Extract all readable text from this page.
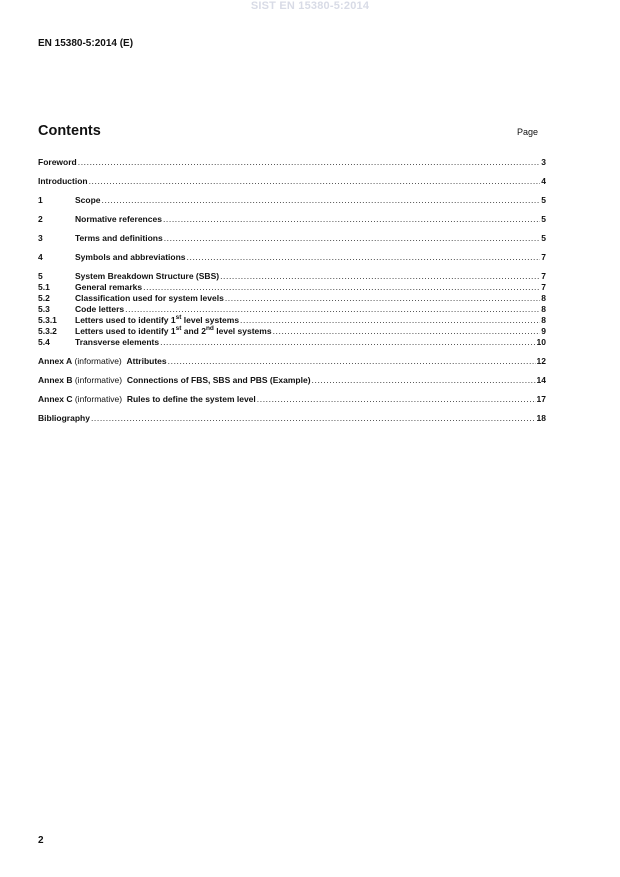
SIST EN 15380-5:2014
EN 15380-5:2014 (E)
Contents	Page
Foreword .....	3
Introduction .....	4
1	Scope .....	5
2	Normative references .....	5
3	Terms and definitions .....	5
4	Symbols and abbreviations .....	7
5	System Breakdown Structure (SBS) .....	7
5.1	General remarks .....	7
5.2	Classification used for system levels .....	8
5.3	Code letters .....	8
5.3.1	Letters used to identify 1st level systems .....	8
5.3.2	Letters used to identify 1st and 2nd level systems .....	9
5.4	Transverse elements .....	10
Annex A (informative) Attributes .....	12
Annex B (informative) Connections of FBS, SBS and PBS (Example) .....	14
Annex C (informative) Rules to define the system level .....	17
Bibliography .....	18
2
